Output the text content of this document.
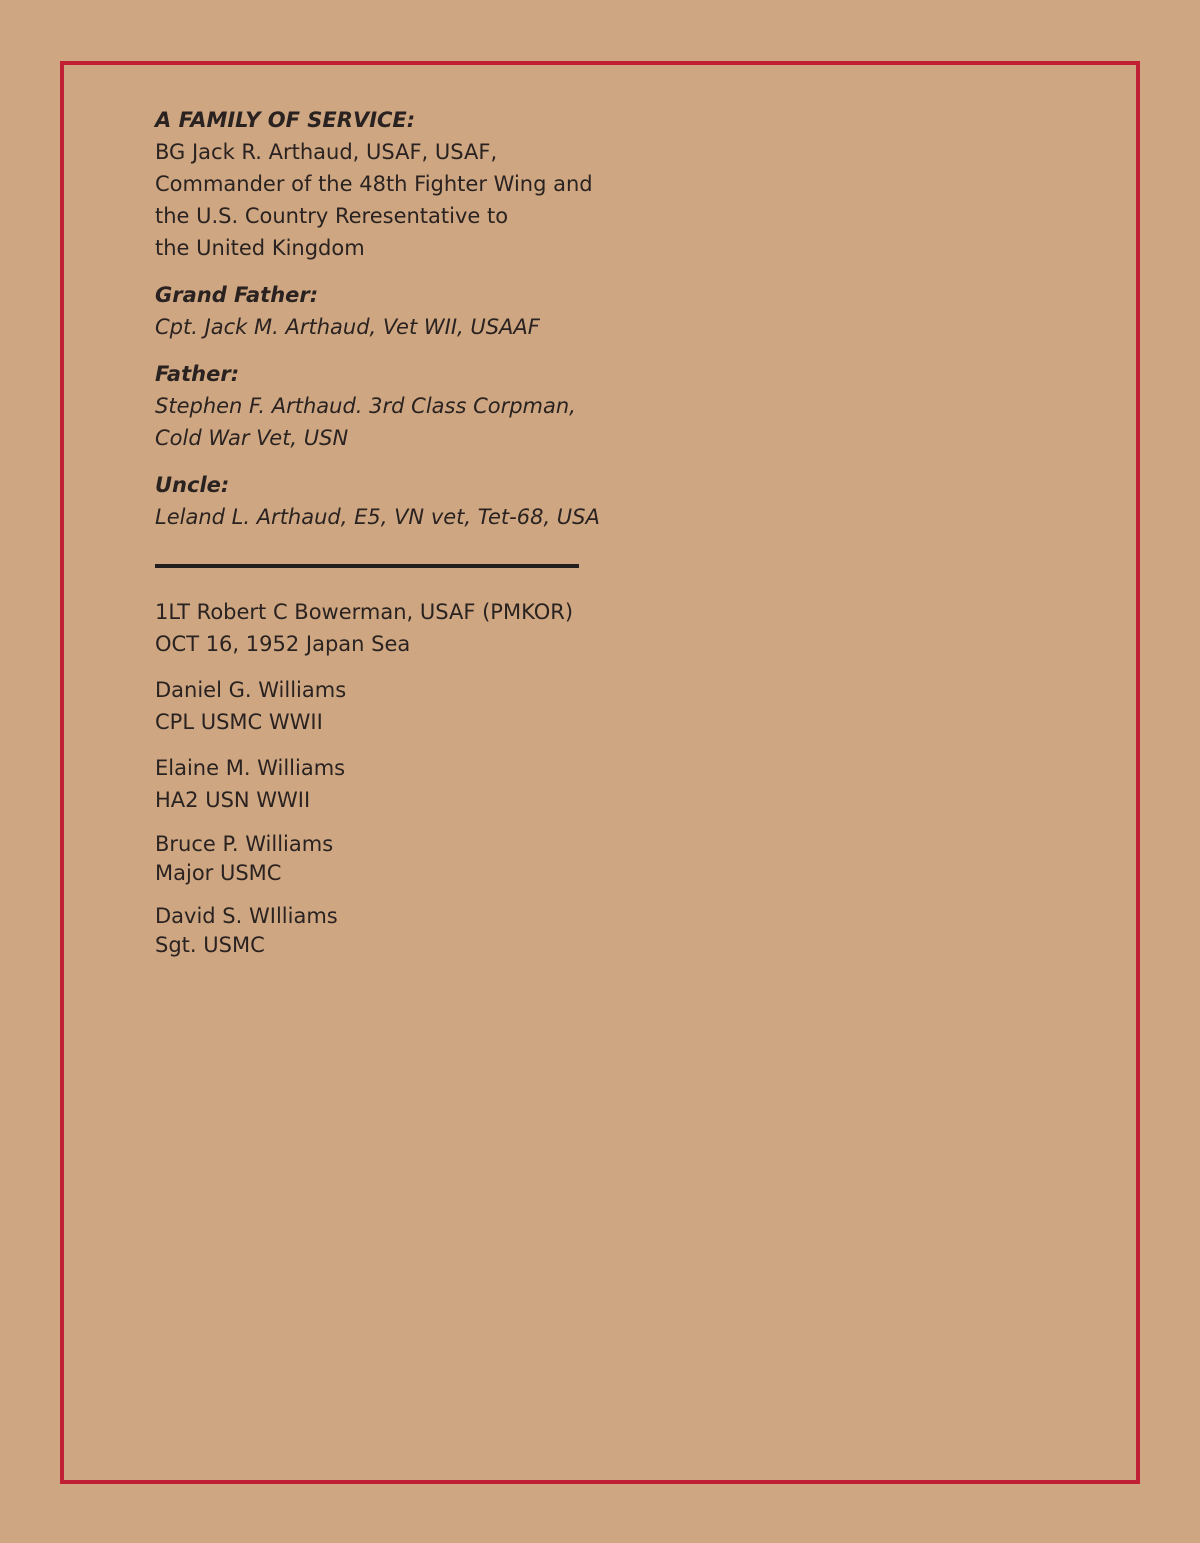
A FAMILY OF SERVICE:
BG Jack R. Arthaud, USAF, USAF,
Commander of the 48th Fighter Wing and
the U.S. Country Reresentative to
the United Kingdom
Grand Father:
Cpt. Jack M. Arthaud, Vet WII, USAAF
Father:
Stephen F. Arthaud. 3rd Class Corpman,
Cold War Vet, USN
Uncle:
Leland L. Arthaud, E5, VN vet, Tet-68, USA
1LT Robert C Bowerman, USAF (PMKOR)
OCT 16, 1952 Japan Sea
Daniel G. Williams
CPL USMC WWII
Elaine M. Williams
HA2 USN WWII
Bruce P. Williams
Major USMC
David S. WIlliams
Sgt. USMC
